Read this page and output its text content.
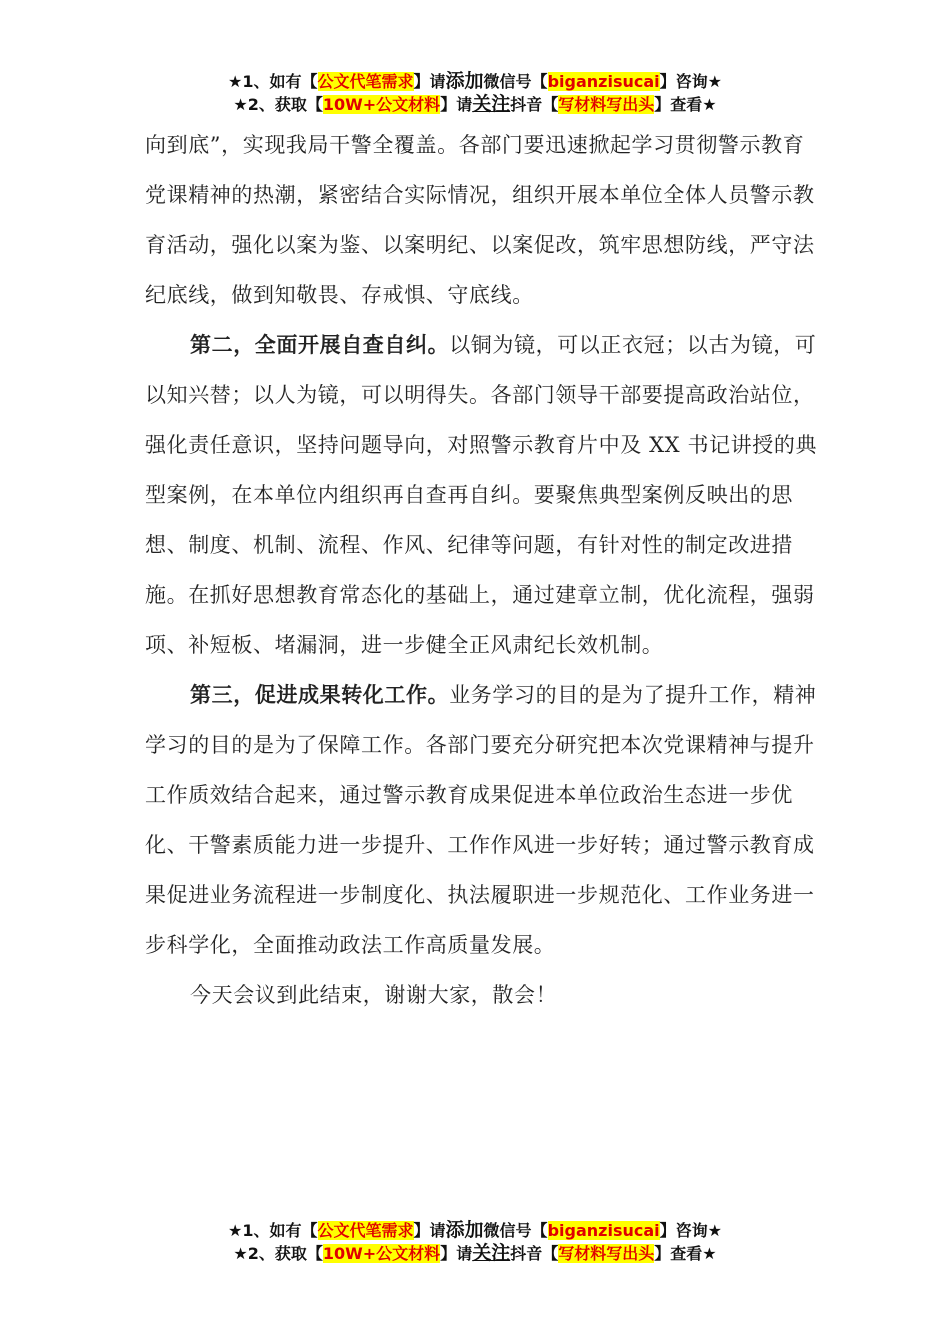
★1、如有【公文代笔需求】请添加微信号【biganzisucai】咨询★
★2、获取【10W+公文材料】请关注抖音【写材料写出头】查看★

向到底”，实现我局干警全覆盖。各部门要迅速掀起学习贯彻警示教育党课精神的热潮，紧密结合实际情况，组织开展本单位全体人员警示教育活动，强化以案为鉴、以案明纪、以案促改，筑牢思想防线，严守法纪底线，做到知敬畏、存戒惧、守底线。

第二，全面开展自查自纠。以铜为镜，可以正衣冠；以古为镜，可以知兴替；以人为镜，可以明得失。各部门领导干部要提高政治站位，强化责任意识，坚持问题导向，对照警示教育片中及 XX 书记讲授的典型案例，在本单位内组织再自查再自纠。要聚焦典型案例反映出的思想、制度、机制、流程、作风、纪律等问题，有针对性的制定改进措施。在抓好思想教育常态化的基础上，通过建章立制，优化流程，强弱项、补短板、堵漏洞，进一步健全正风肃纪长效机制。

第三，促进成果转化工作。业务学习的目的是为了提升工作，精神学习的目的是为了保障工作。各部门要充分研究把本次党课精神与提升工作质效结合起来，通过警示教育成果促进本单位政治生态进一步优化、干警素质能力进一步提升、工作作风进一步好转；通过警示教育成果促进业务流程进一步制度化、执法履职进一步规范化、工作业务进一步科学化，全面推动政法工作高质量发展。

今天会议到此结束，谢谢大家，散会！

★1、如有【公文代笔需求】请添加微信号【biganzisucai】咨询★
★2、获取【10W+公文材料】请关注抖音【写材料写出头】查看★
